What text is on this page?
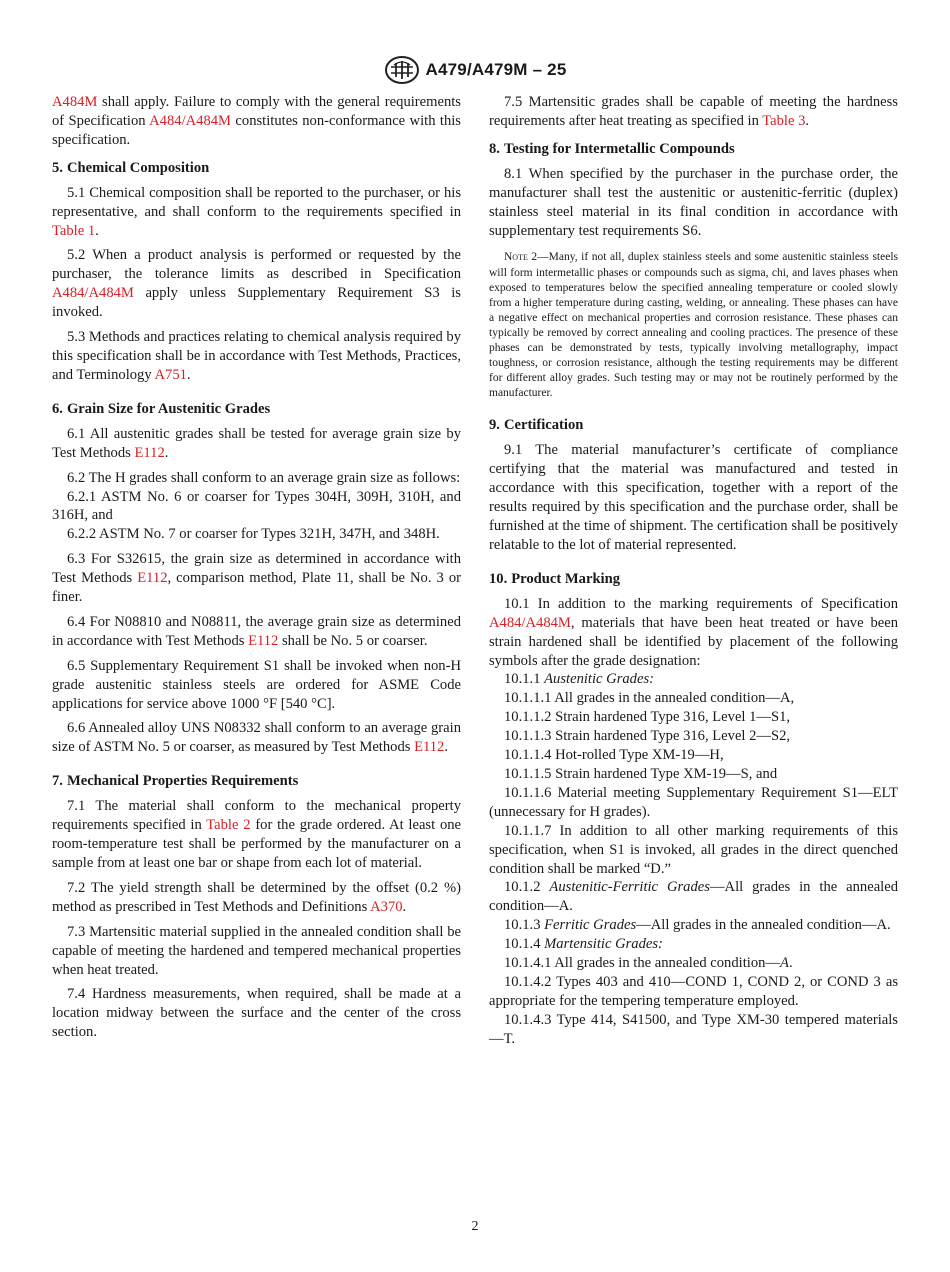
A479/A479M – 25

A484M shall apply. Failure to comply with the general requirements of Specification A484/A484M constitutes non-conformance with this specification.

5. Chemical Composition

5.1 Chemical composition shall be reported to the purchaser, or his representative, and shall conform to the requirements specified in Table 1.

5.2 When a product analysis is performed or requested by the purchaser, the tolerance limits as described in Specification A484/A484M apply unless Supplementary Requirement S3 is invoked.

5.3 Methods and practices relating to chemical analysis required by this specification shall be in accordance with Test Methods, Practices, and Terminology A751.

6. Grain Size for Austenitic Grades

6.1 All austenitic grades shall be tested for average grain size by Test Methods E112.

6.2 The H grades shall conform to an average grain size as follows:

6.2.1 ASTM No. 6 or coarser for Types 304H, 309H, 310H, and 316H, and

6.2.2 ASTM No. 7 or coarser for Types 321H, 347H, and 348H.

6.3 For S32615, the grain size as determined in accordance with Test Methods E112, comparison method, Plate 11, shall be No. 3 or finer.

6.4 For N08810 and N08811, the average grain size as determined in accordance with Test Methods E112 shall be No. 5 or coarser.

6.5 Supplementary Requirement S1 shall be invoked when non-H grade austenitic stainless steels are ordered for ASME Code applications for service above 1000 °F [540 °C].

6.6 Annealed alloy UNS N08332 shall conform to an average grain size of ASTM No. 5 or coarser, as measured by Test Methods E112.

7. Mechanical Properties Requirements

7.1 The material shall conform to the mechanical property requirements specified in Table 2 for the grade ordered. At least one room-temperature test shall be performed by the manufacturer on a sample from at least one bar or shape from each lot of material.

7.2 The yield strength shall be determined by the offset (0.2 %) method as prescribed in Test Methods and Definitions A370.

7.3 Martensitic material supplied in the annealed condition shall be capable of meeting the hardened and tempered mechanical properties when heat treated.

7.4 Hardness measurements, when required, shall be made at a location midway between the surface and the center of the cross section.

7.5 Martensitic grades shall be capable of meeting the hardness requirements after heat treating as specified in Table 3.

8. Testing for Intermetallic Compounds

8.1 When specified by the purchaser in the purchase order, the manufacturer shall test the austenitic or austenitic-ferritic (duplex) stainless steel material in its final condition in accordance with supplementary test requirements S6.

Note 2—Many, if not all, duplex stainless steels and some austenitic stainless steels will form intermetallic phases or compounds such as sigma, chi, and laves phases when exposed to temperatures below the specified annealing temperature or cooled slowly from a higher temperature during casting, welding, or annealing. These phases can have a negative effect on mechanical properties and corrosion resistance. These phases can typically be removed by correct annealing and cooling practices. The presence of these phases can be demonstrated by tests, typically involving metallography, impact toughness, or corrosion resistance, although the testing requirements may be different for different alloy grades. Such testing may or may not be routinely performed by the manufacturer.

9. Certification

9.1 The material manufacturer’s certificate of compliance certifying that the material was manufactured and tested in accordance with this specification, together with a report of the results required by this specification and the purchase order, shall be furnished at the time of shipment. The certification shall be positively relatable to the lot of material represented.

10. Product Marking

10.1 In addition to the marking requirements of Specification A484/A484M, materials that have been heat treated or have been strain hardened shall be identified by placement of the following symbols after the grade designation:

10.1.1 Austenitic Grades:

10.1.1.1 All grades in the annealed condition—A,

10.1.1.2 Strain hardened Type 316, Level 1—S1,

10.1.1.3 Strain hardened Type 316, Level 2—S2,

10.1.1.4 Hot-rolled Type XM-19—H,

10.1.1.5 Strain hardened Type XM-19—S, and

10.1.1.6 Material meeting Supplementary Requirement S1—ELT (unnecessary for H grades).

10.1.1.7 In addition to all other marking requirements of this specification, when S1 is invoked, all grades in the direct quenched condition shall be marked “D.”

10.1.2 Austenitic-Ferritic Grades—All grades in the annealed condition—A.

10.1.3 Ferritic Grades—All grades in the annealed condition—A.

10.1.4 Martensitic Grades:

10.1.4.1 All grades in the annealed condition—A.

10.1.4.2 Types 403 and 410—COND 1, COND 2, or COND 3 as appropriate for the tempering temperature employed.

10.1.4.3 Type 414, S41500, and Type XM-30 tempered materials—T.

2
